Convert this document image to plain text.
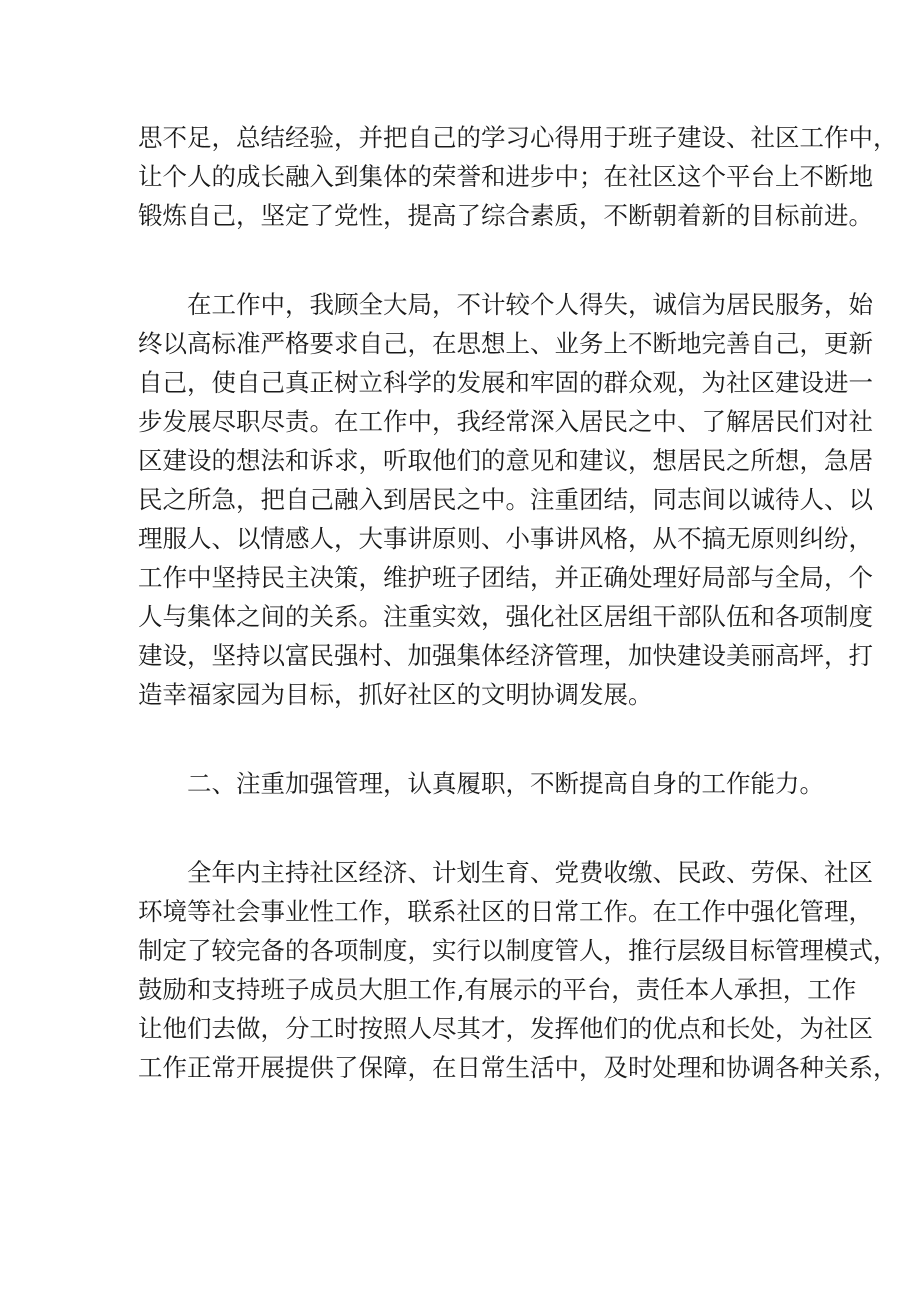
思不足，总结经验，并把自己的学习心得用于班子建设、社区工作中，
让个人的成长融入到集体的荣誉和进步中；在社区这个平台上不断地
锻炼自己，坚定了党性，提高了综合素质，不断朝着新的目标前进。
在工作中，我顾全大局，不计较个人得失，诚信为居民服务，始
终以高标准严格要求自己，在思想上、业务上不断地完善自己，更新
自己，使自己真正树立科学的发展和牢固的群众观，为社区建设进一
步发展尽职尽责。在工作中，我经常深入居民之中、了解居民们对社
区建设的想法和诉求，听取他们的意见和建议，想居民之所想，急居
民之所急，把自己融入到居民之中。注重团结，同志间以诚待人、以
理服人、以情感人，大事讲原则、小事讲风格，从不搞无原则纠纷，
工作中坚持民主决策，维护班子团结，并正确处理好局部与全局，个
人与集体之间的关系。注重实效，强化社区居组干部队伍和各项制度
建设，坚持以富民强村、加强集体经济管理，加快建设美丽高坪，打
造幸福家园为目标，抓好社区的文明协调发展。
二、注重加强管理，认真履职，不断提高自身的工作能力。
全年内主持社区经济、计划生育、党费收缴、民政、劳保、社区
环境等社会事业性工作，联系社区的日常工作。在工作中强化管理，
制定了较完备的各项制度，实行以制度管人，推行层级目标管理模式，
鼓励和支持班子成员大胆工作,有展示的平台，责任本人承担，工作
让他们去做，分工时按照人尽其才，发挥他们的优点和长处，为社区
工作正常开展提供了保障，在日常生活中，及时处理和协调各种关系，
